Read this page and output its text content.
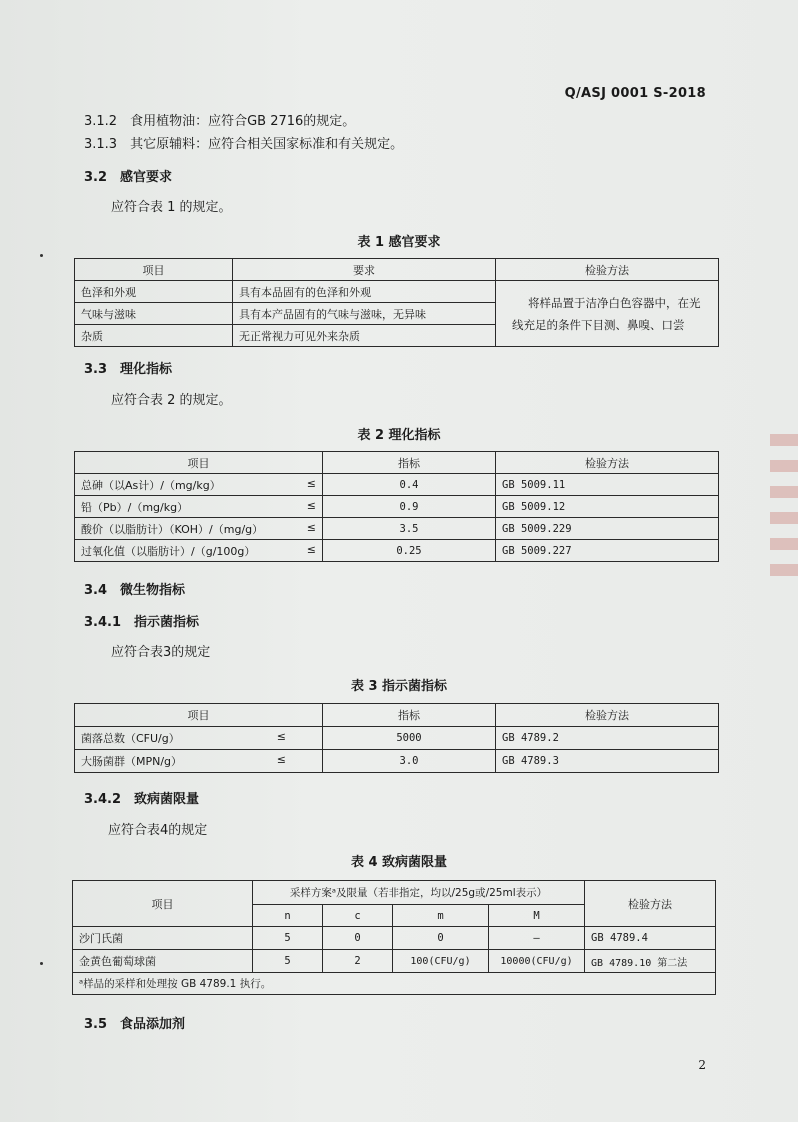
Q/ASJ 0001 S-2018
3.1.2　食用植物油：应符合GB 2716的规定。
3.1.3　其它原辅料：应符合相关国家标准和有关规定。
3.2　感官要求
应符合表 1 的规定。
表 1 感官要求
项目	要求	检验方法
色泽和外观	具有本品固有的色泽和外观	将样品置于洁净白色容器中，在光
线充足的条件下目测、鼻嗅、口尝

气味与滋味	具有本产品固有的气味与滋味，无异味	
杂质	无正常视力可见外来杂质	
3.3　理化指标
应符合表 2 的规定。
表 2 理化指标
项目	指标	检验方法
总砷（以As计）/（mg/kg） ≤	0.4	GB 5009.11
铅（Pb）/（mg/kg） ≤	0.9	GB 5009.12
酸价（以脂肪计）（KOH）/（mg/g） ≤	3.5	GB 5009.229
过氧化值（以脂肪计）/（g/100g） ≤	0.25	GB 5009.227
3.4　微生物指标
3.4.1　指示菌指标
应符合表3的规定
表 3 指示菌指标
项目	指标	检验方法
菌落总数（CFU/g） ≤	5000	GB 4789.2
大肠菌群（MPN/g） ≤	3.0	GB 4789.3
3.4.2　致病菌限量
应符合表4的规定
表 4 致病菌限量
项目	采样方案ᵃ及限量（若非指定，均以/25g或/25ml表示）				检验方法
	n	c	m	M	
沙门氏菌	5	0	0	—	GB 4789.4
金黄色葡萄球菌	5	2	100(CFU/g)	10000(CFU/g)	GB 4789.10 第二法
ᵃ样品的采样和处理按 GB 4789.1 执行。					
3.5　食品添加剂
2
